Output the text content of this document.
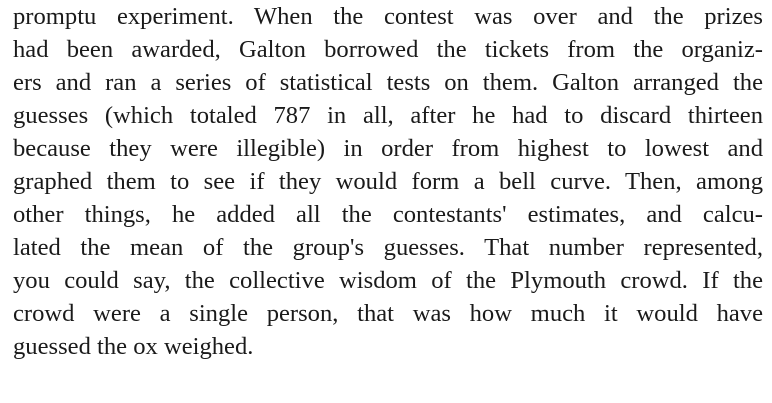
promptu experiment. When the contest was over and the prizes
had been awarded, Galton borrowed the tickets from the organiz-
ers and ran a series of statistical tests on them. Galton arranged the
guesses (which totaled 787 in all, after he had to discard thirteen
because they were illegible) in order from highest to lowest and
graphed them to see if they would form a bell curve. Then, among
other things, he added all the contestants' estimates, and calcu-
lated the mean of the group's guesses. That number represented,
you could say, the collective wisdom of the Plymouth crowd. If the
crowd were a single person, that was how much it would have
guessed the ox weighed.
